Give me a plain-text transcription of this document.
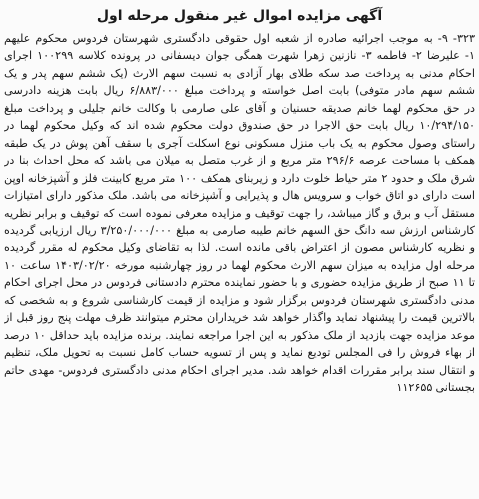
آگهی مزایده اموال غیر منقول مرحله اول
۳۲۳- ۹- به موجب اجرائیه صادره از شعبه اول حقوقی دادگستری شهرستان فردوس محکوم علیهم
۱- علیرضا ۲- فاطمه ۳- نازنین زهرا شهرت همگی جوان دیسفانی در پرونده کلاسه ۱۰۰۲۹۹ اجرای
احکام مدنی به پرداخت صد سکه طلای بهار آزادی به نسبت سهم الارث (یک ششم سهم پدر و یک
ششم سهم مادر متوفی) بابت اصل خواسته و پرداخت مبلغ ۶/۸۸۳/۰۰۰ ریال بابت هزینه دادرسی
در حق محکوم لهما خانم صدیقه حسنیان و آقای علی صارمی با وکالت خانم جلیلی و پرداخت مبلغ
۱۰/۲۹۴/۱۵۰ ریال بابت حق الاجرا در حق صندوق دولت محکوم شده اند که وکیل محکوم لهما در
راستای وصول محکوم به یک باب منزل مسکونی نوع اسکلت آجری با سقف آهن پوش در یک طبقه
همکف با مساحت عرصه ۲۹۶/۶ متر مربع و از غرب متصل به میلان می باشد که محل احداث بنا در
شرق ملک و حدود ۲ متر حیاط خلوت دارد و زیربنای همکف ۱۰۰ متر مربع کابینت فلز و آشپزخانه اوپن
است دارای دو اتاق خواب و سرویس هال و پذیرایی و آشپزخانه می باشد. ملک مذکور دارای امتیازات
مستقل آب و برق و گاز میباشد، را جهت توقیف و مزایده معرفی نموده است که توقیف و برابر نظریه
کارشناس ارزش سه دانگ حق السهم خانم طیبه صارمی به مبلغ ۳/۲۵۰/۰۰۰/۰۰۰ ریال ارزیابی گردیده
و نظریه کارشناس مصون از اعتراض باقی مانده است. لذا به تقاضای وکیل محکوم له مقرر گردیده
مرحله اول مزایده به میزان سهم الارث محکوم لهما در روز چهارشنبه مورخه ۱۴۰۳/۰۲/۲۰ ساعت ۱۰
تا ۱۱ صبح از طریق مزایده حضوری و با حضور نماینده محترم دادستانی فردوس در محل اجرای احکام
مدنی دادگستری شهرستان فردوس برگزار شود و مزایده از قیمت کارشناسی شروع و به شخصی که
بالاترین قیمت را پیشنهاد نماید واگذار خواهد شد خریداران محترم میتوانند ظرف مهلت پنج روز قبل از
موعد مزایده جهت بازدید از ملک مذکور به این اجرا مراجعه نمایند. برنده مزایده باید حداقل ۱۰ درصد
از بهاء فروش را فی المجلس تودیع نماید و پس از تسویه حساب کامل نسبت به تحویل ملک، تنظیم
و انتقال سند برابر مقررات اقدام خواهد شد. مدیر اجرای احکام مدنی دادگستری فردوس- مهدی حاتم
بجستانی ۱۱۲۶۵۵
